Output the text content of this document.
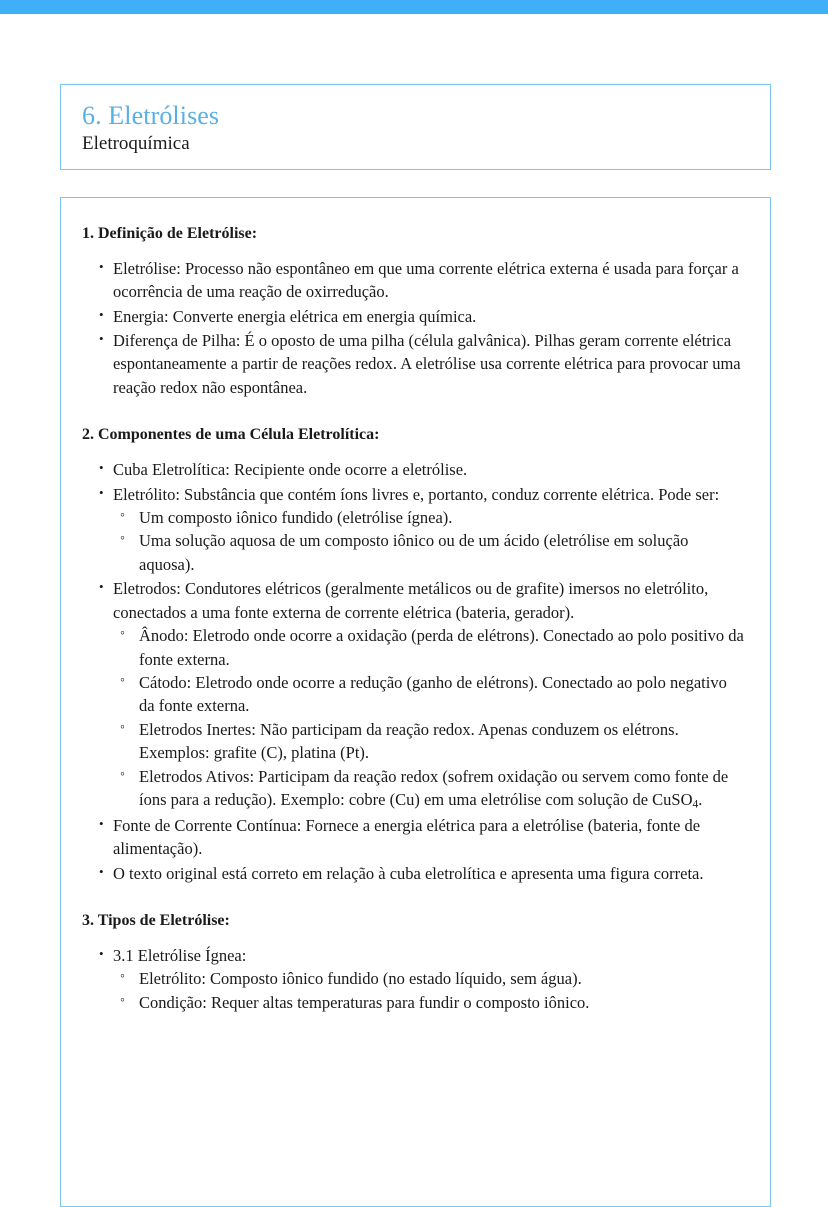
6. Eletrólises
Eletroquímica
1. Definição de Eletrólise:
• Eletrólise: Processo não espontâneo em que uma corrente elétrica externa é usada para forçar a ocorrência de uma reação de oxirredução.
• Energia: Converte energia elétrica em energia química.
• Diferença de Pilha: É o oposto de uma pilha (célula galvânica). Pilhas geram corrente elétrica espontaneamente a partir de reações redox. A eletrólise usa corrente elétrica para provocar uma reação redox não espontânea.
2. Componentes de uma Célula Eletrolítica:
• Cuba Eletrolítica: Recipiente onde ocorre a eletrólise.
• Eletrólito: Substância que contém íons livres e, portanto, conduz corrente elétrica. Pode ser:
◦ Um composto iônico fundido (eletrólise ígnea).
◦ Uma solução aquosa de um composto iônico ou de um ácido (eletrólise em solução aquosa).
• Eletrodos: Condutores elétricos (geralmente metálicos ou de grafite) imersos no eletrólito, conectados a uma fonte externa de corrente elétrica (bateria, gerador).
◦ Ânodo: Eletrodo onde ocorre a oxidação (perda de elétrons). Conectado ao polo positivo da fonte externa.
◦ Cátodo: Eletrodo onde ocorre a redução (ganho de elétrons). Conectado ao polo negativo da fonte externa.
◦ Eletrodos Inertes: Não participam da reação redox. Apenas conduzem os elétrons. Exemplos: grafite (C), platina (Pt).
◦ Eletrodos Ativos: Participam da reação redox (sofrem oxidação ou servem como fonte de íons para a redução). Exemplo: cobre (Cu) em uma eletrólise com solução de CuSO$_4$.
• Fonte de Corrente Contínua: Fornece a energia elétrica para a eletrólise (bateria, fonte de alimentação).
• O texto original está correto em relação à cuba eletrolítica e apresenta uma figura correta.
3. Tipos de Eletrólise:
• 3.1 Eletrólise Ígnea:
◦ Eletrólito: Composto iônico fundido (no estado líquido, sem água).
◦ Condição: Requer altas temperaturas para fundir o composto iônico.
